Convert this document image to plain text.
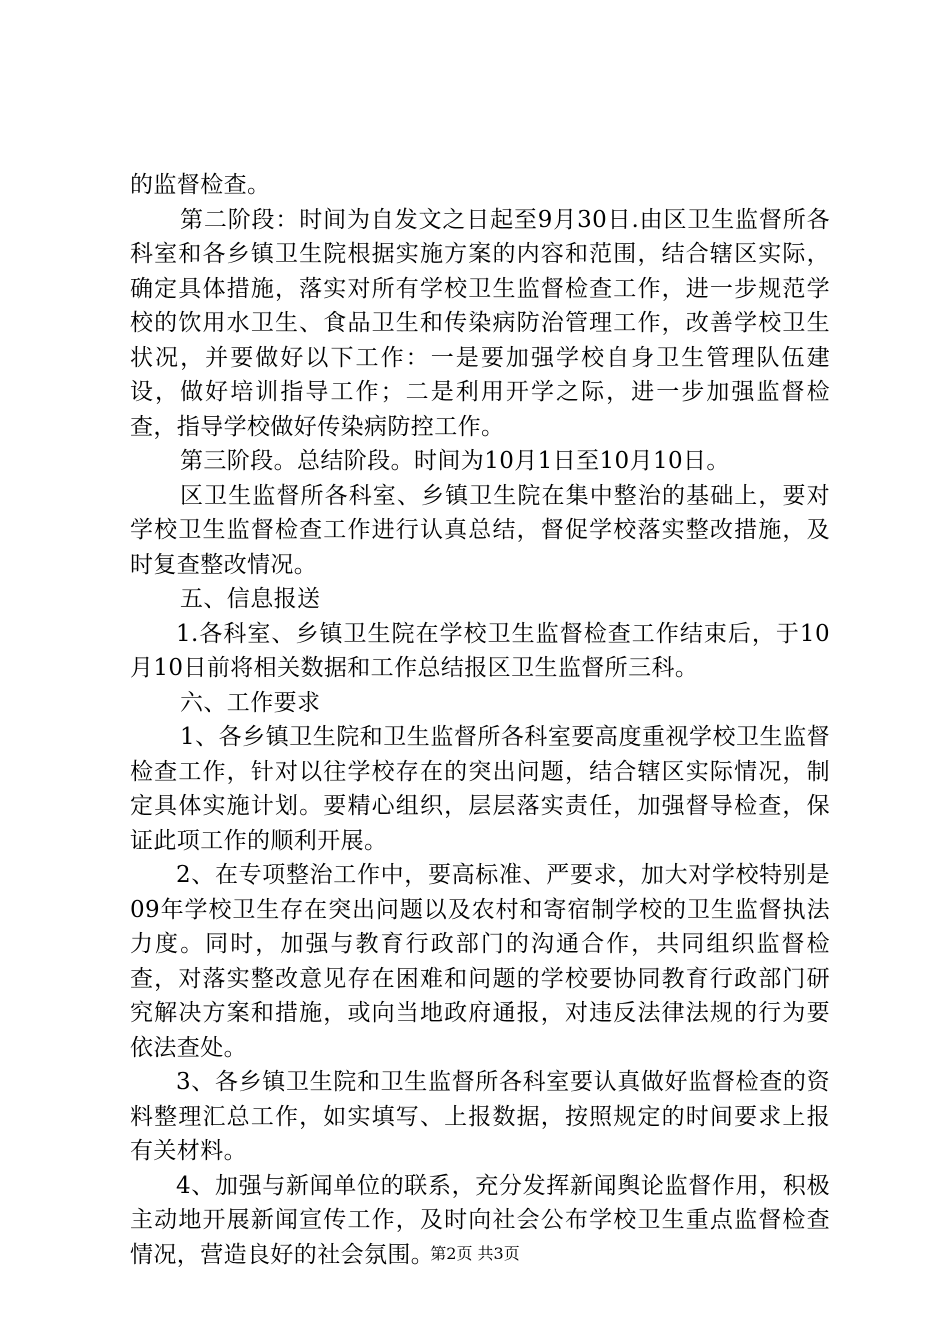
的监督检查。

第二阶段：时间为自发文之日起至9月30日.由区卫生监督所各科室和各乡镇卫生院根据实施方案的内容和范围，结合辖区实际，确定具体措施，落实对所有学校卫生监督检查工作，进一步规范学校的饮用水卫生、食品卫生和传染病防治管理工作，改善学校卫生状况，并要做好以下工作：一是要加强学校自身卫生管理队伍建设，做好培训指导工作；二是利用开学之际，进一步加强监督检查，指导学校做好传染病防控工作。

第三阶段。总结阶段。时间为10月1日至10月10日。

区卫生监督所各科室、乡镇卫生院在集中整治的基础上，要对学校卫生监督检查工作进行认真总结，督促学校落实整改措施，及时复查整改情况。

五、信息报送

1.各科室、乡镇卫生院在学校卫生监督检查工作结束后，于10月10日前将相关数据和工作总结报区卫生监督所三科。

六、工作要求

1、各乡镇卫生院和卫生监督所各科室要高度重视学校卫生监督检查工作，针对以往学校存在的突出问题，结合辖区实际情况，制定具体实施计划。要精心组织，层层落实责任，加强督导检查，保证此项工作的顺利开展。

2、在专项整治工作中，要高标准、严要求，加大对学校特别是09年学校卫生存在突出问题以及农村和寄宿制学校的卫生监督执法力度。同时，加强与教育行政部门的沟通合作，共同组织监督检查，对落实整改意见存在困难和问题的学校要协同教育行政部门研究解决方案和措施，或向当地政府通报，对违反法律法规的行为要依法查处。

3、各乡镇卫生院和卫生监督所各科室要认真做好监督检查的资料整理汇总工作，如实填写、上报数据，按照规定的时间要求上报有关材料。

4、加强与新闻单位的联系，充分发挥新闻舆论监督作用，积极主动地开展新闻宣传工作，及时向社会公布学校卫生重点监督检查情况，营造良好的社会氛围。

第2页 共3页
